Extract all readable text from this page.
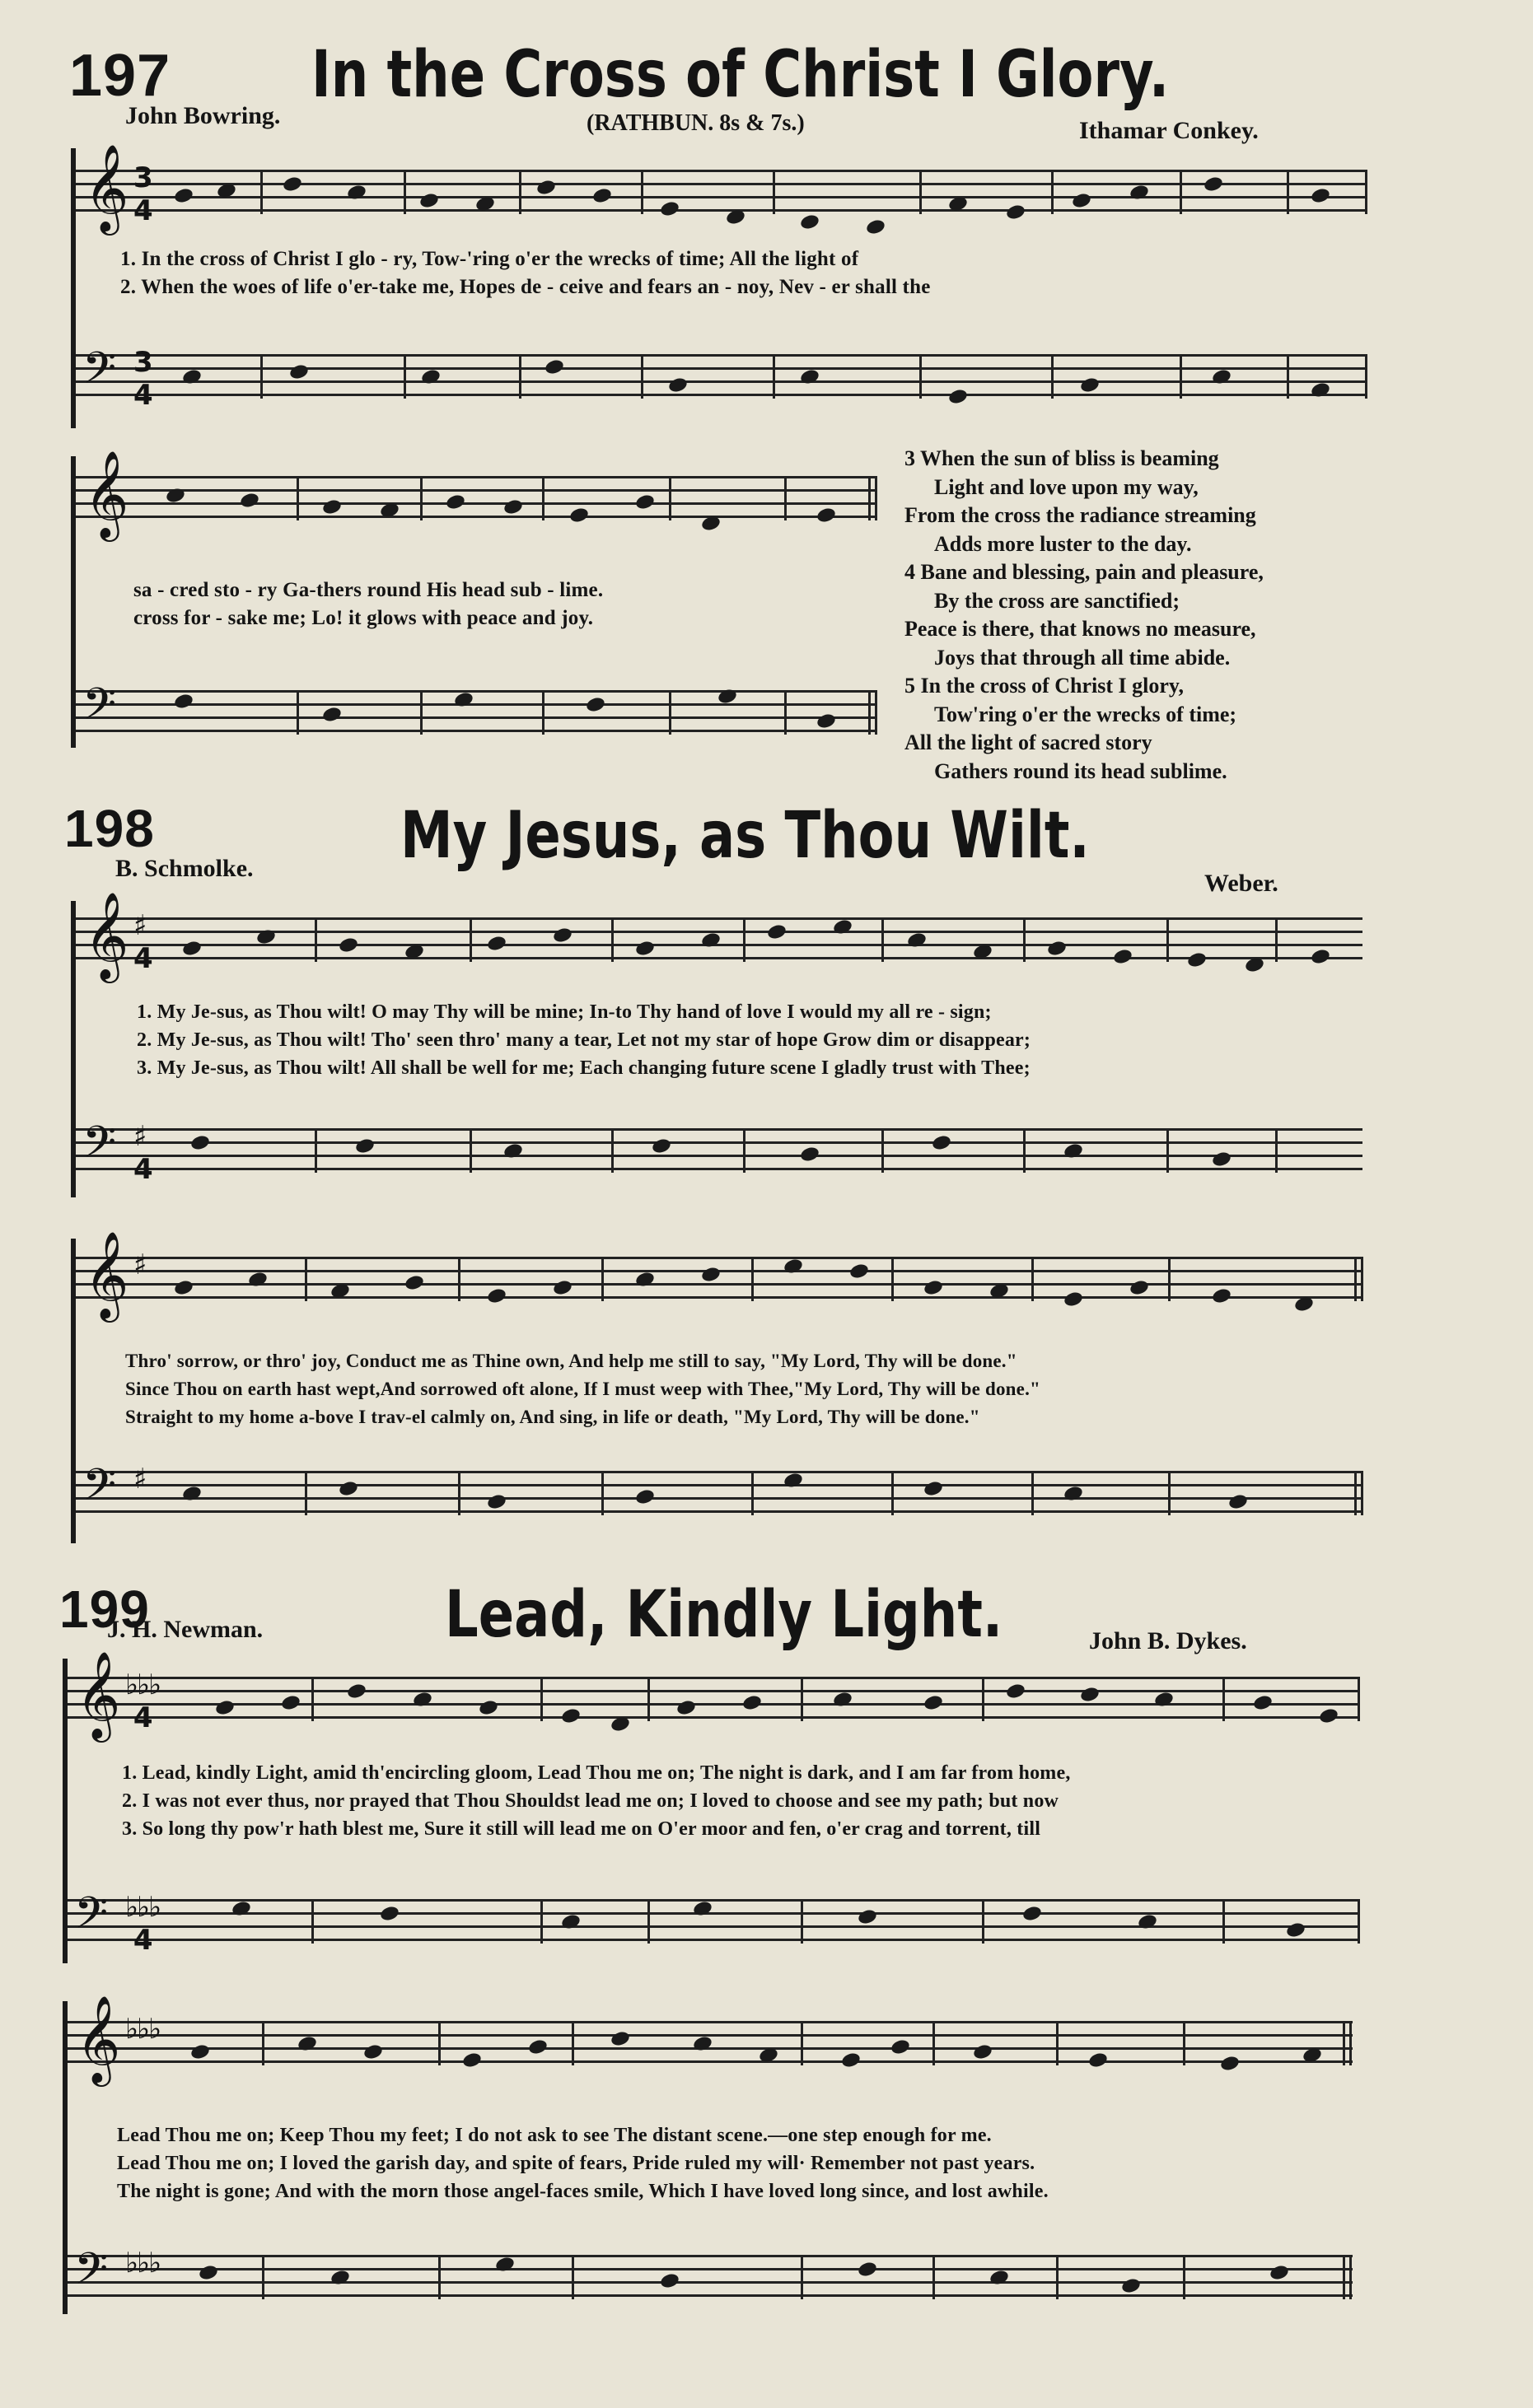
197 In the Cross of Christ I Glory.
John Bowring.	(RATHBUN. 8s & 7s.)	Ithamar Conkey.
𝄞 3
4
1. In the cross of Christ I glo - ry, Tow-'ring o'er the wrecks of time; All the light of
2. When the woes of life o'er-take me, Hopes de - ceive and fears an - noy, Nev - er shall the
𝄢 3
4
𝄞
sa - cred sto - ry Ga-thers round His head sub - lime.
cross for - sake me; Lo! it glows with peace and joy.
𝄢
3 When the sun of bliss is beaming
Light and love upon my way,
From the cross the radiance streaming
Adds more luster to the day.
4 Bane and blessing, pain and pleasure,
By the cross are sanctified;
Peace is there, that knows no measure,
Joys that through all time abide.
5 In the cross of Christ I glory,
Tow'ring o'er the wrecks of time;
All the light of sacred story
Gathers round its head sublime.
198	My Jesus, as Thou Wilt.
B. Schmolke.
Weber.
𝄞 ♯
4
1. My Je-sus, as Thou wilt! O may Thy will be mine; In-to Thy hand of love I would my all re - sign;
2. My Je-sus, as Thou wilt! Tho' seen thro' many a tear, Let not my star of hope Grow dim or disappear;
3. My Je-sus, as Thou wilt! All shall be well for me; Each changing future scene I gladly trust with Thee;
𝄢 ♯
4
𝄞 ♯
Thro' sorrow, or thro' joy, Conduct me as Thine own, And help me still to say, "My Lord, Thy will be done."
Since Thou on earth hast wept,And sorrowed oft alone, If I must weep with Thee,"My Lord, Thy will be done."
Straight to my home a-bove I trav-el calmly on, And sing, in life or death, "My Lord, Thy will be done."
𝄢 ♯
199	Lead, Kindly Light.
J. H. Newman.	John B. Dykes.
𝄞 ♭♭♭
4
1. Lead, kindly Light, amid th'encircling gloom, Lead Thou me on; The night is dark, and I am far from home,
2. I was not ever thus, nor prayed that Thou Shouldst lead me on; I loved to choose and see my path; but now
3. So long thy pow'r hath blest me, Sure it still will lead me on O'er moor and fen, o'er crag and torrent, till
𝄢 ♭♭♭
4
𝄞 ♭♭♭
Lead Thou me on; Keep Thou my feet; I do not ask to see The distant scene.—one step enough for me.
Lead Thou me on; I loved the garish day, and spite of fears, Pride ruled my will· Remember not past years.
The night is gone; And with the morn those angel-faces smile, Which I have loved long since, and lost awhile.
𝄢 ♭♭♭
